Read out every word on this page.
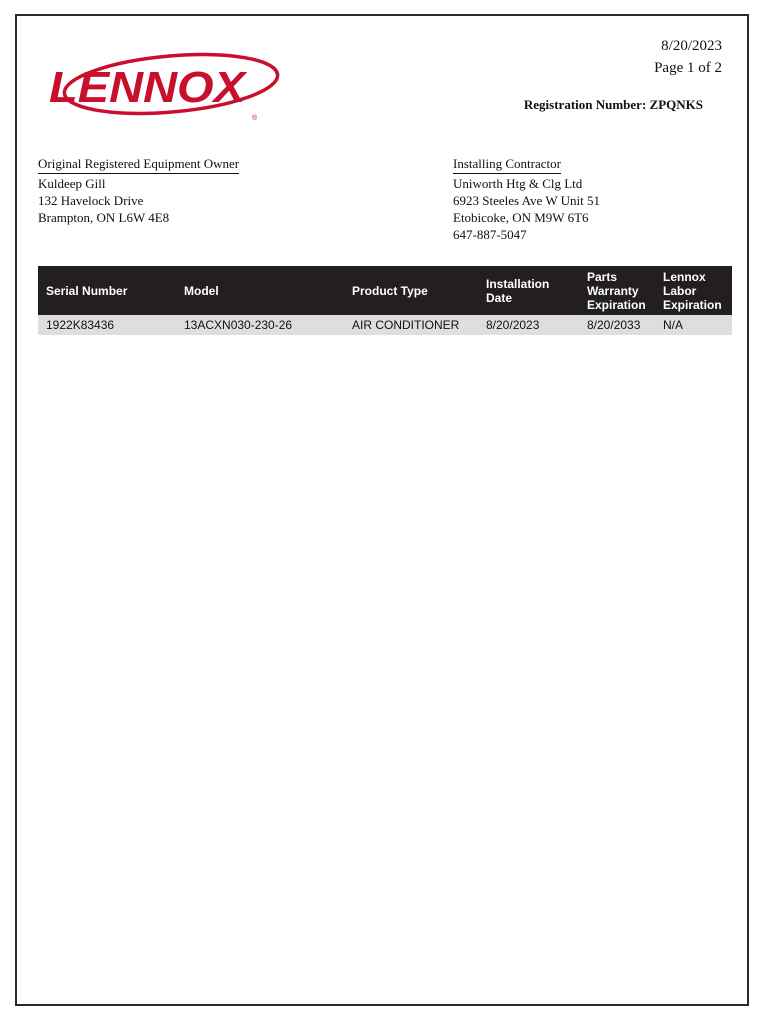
LENNOX
®
8/20/2023
Page 1 of 2
Registration Number: ZPQNKS
Original Registered Equipment Owner
Kuldeep Gill
132 Havelock Drive
Brampton, ON L6W 4E8
Installing Contractor
Uniworth Htg & Clg Ltd
6923 Steeles Ave W Unit 51
Etobicoke, ON M9W 6T6
647-887-5047
Serial Number	Model	Product Type	Installation Date	Parts Warranty Expiration	Lennox Labor Expiration
1922K83436	13ACXN030-230-26	AIR CONDITIONER	8/20/2023	8/20/2033	N/A
